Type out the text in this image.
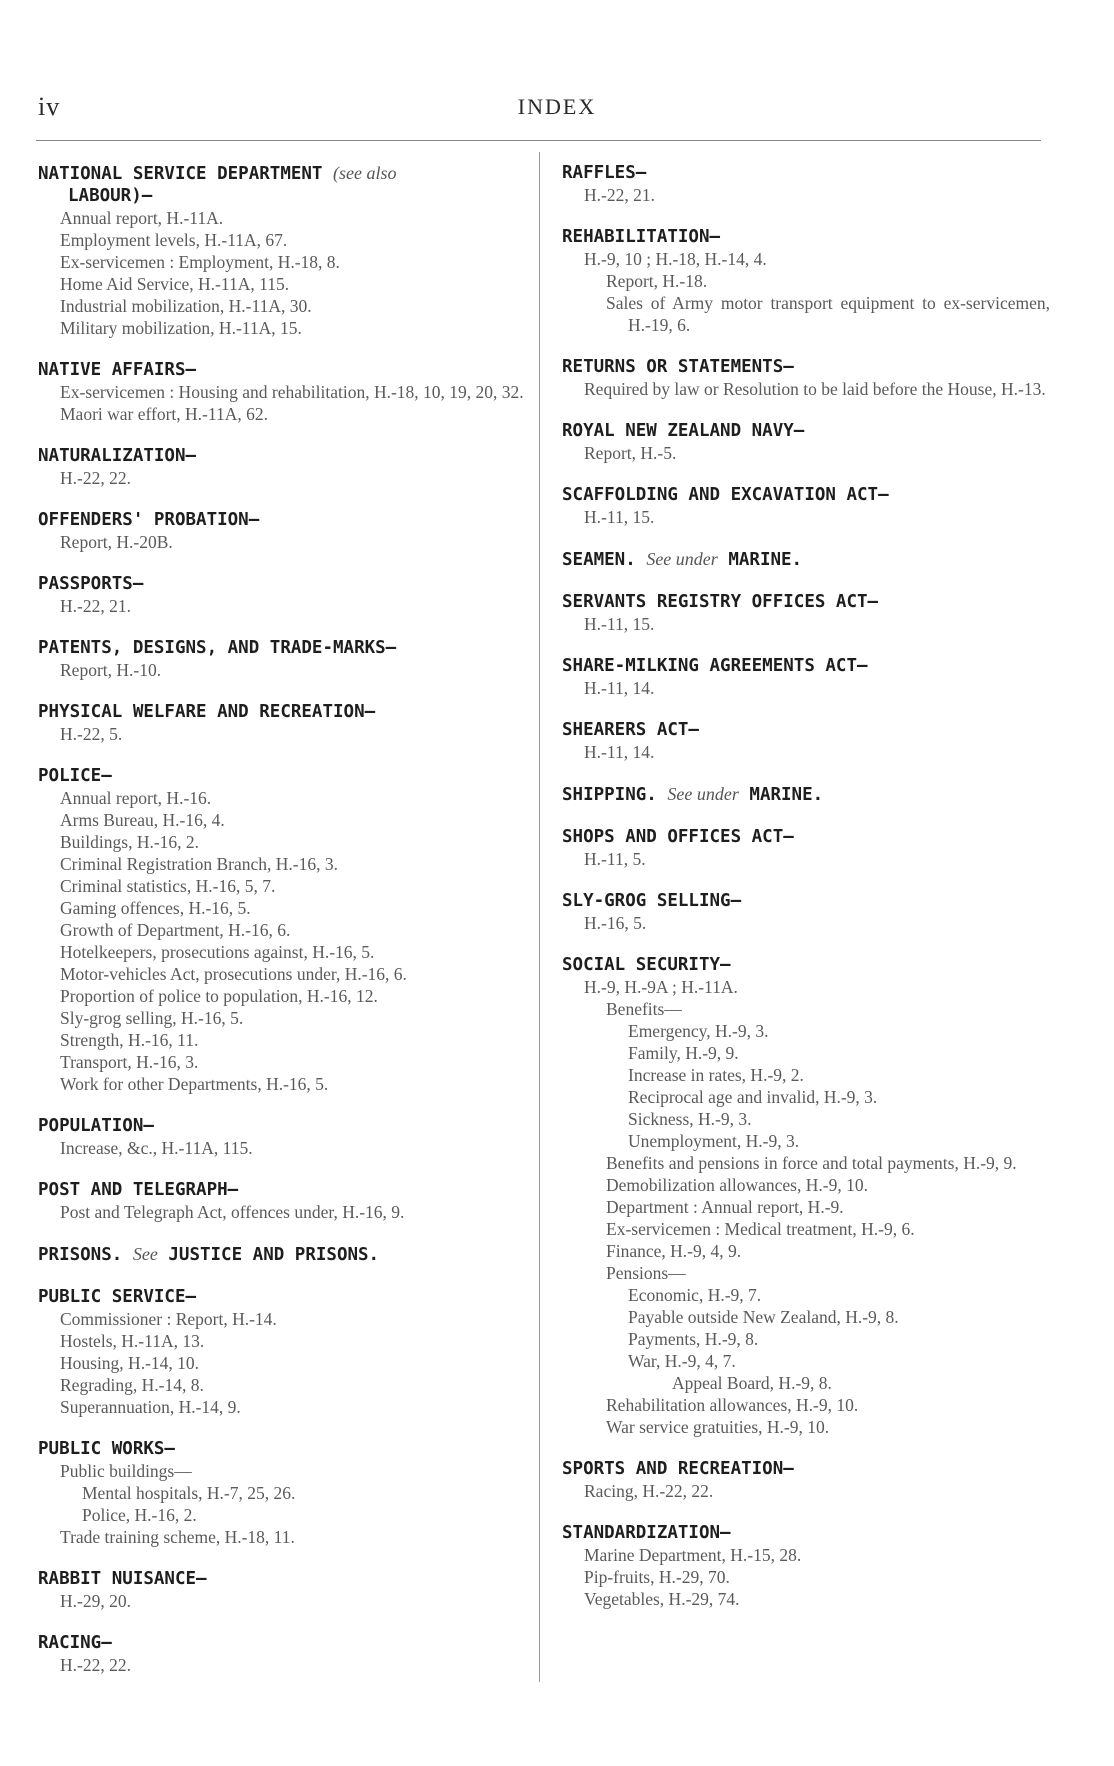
iv	INDEX
NATIONAL SERVICE DEPARTMENT (see also
LABOUR)—
Annual report, H.-11A.
Employment levels, H.-11A, 67.
Ex-servicemen : Employment, H.-18, 8.
Home Aid Service, H.-11A, 115.
Industrial mobilization, H.-11A, 30.
Military mobilization, H.-11A, 15.
NATIVE AFFAIRS—
Ex-servicemen : Housing and rehabilitation, H.-18, 10, 19, 20, 32.
Maori war effort, H.-11A, 62.
NATURALIZATION—
H.-22, 22.
OFFENDERS' PROBATION—
Report, H.-20B.
PASSPORTS—
H.-22, 21.
PATENTS, DESIGNS, AND TRADE-MARKS—
Report, H.-10.
PHYSICAL WELFARE AND RECREATION—
H.-22, 5.
POLICE—
Annual report, H.-16.
Arms Bureau, H.-16, 4.
Buildings, H.-16, 2.
Criminal Registration Branch, H.-16, 3.
Criminal statistics, H.-16, 5, 7.
Gaming offences, H.-16, 5.
Growth of Department, H.-16, 6.
Hotelkeepers, prosecutions against, H.-16, 5.
Motor-vehicles Act, prosecutions under, H.-16, 6.
Proportion of police to population, H.-16, 12.
Sly-grog selling, H.-16, 5.
Strength, H.-16, 11.
Transport, H.-16, 3.
Work for other Departments, H.-16, 5.
POPULATION—
Increase, &c., H.-11A, 115.
POST AND TELEGRAPH—
Post and Telegraph Act, offences under, H.-16, 9.
PRISONS. See JUSTICE AND PRISONS.
PUBLIC SERVICE—
Commissioner : Report, H.-14.
Hostels, H.-11A, 13.
Housing, H.-14, 10.
Regrading, H.-14, 8.
Superannuation, H.-14, 9.
PUBLIC WORKS—
Public buildings—
Mental hospitals, H.-7, 25, 26.
Police, H.-16, 2.
Trade training scheme, H.-18, 11.
RABBIT NUISANCE—
H.-29, 20.
RACING—
H.-22, 22.
RAFFLES—
H.-22, 21.
REHABILITATION—
H.-9, 10 ; H.-18, H.-14, 4.
Report, H.-18.
Sales of Army motor transport equipment to ex-servicemen, H.-19, 6.
RETURNS OR STATEMENTS—
Required by law or Resolution to be laid before the House, H.-13.
ROYAL NEW ZEALAND NAVY—
Report, H.-5.
SCAFFOLDING AND EXCAVATION ACT—
H.-11, 15.
SEAMEN. See under MARINE.
SERVANTS REGISTRY OFFICES ACT—
H.-11, 15.
SHARE-MILKING AGREEMENTS ACT—
H.-11, 14.
SHEARERS ACT—
H.-11, 14.
SHIPPING. See under MARINE.
SHOPS AND OFFICES ACT—
H.-11, 5.
SLY-GROG SELLING—
H.-16, 5.
SOCIAL SECURITY—
H.-9, H.-9A ; H.-11A.
Benefits—
Emergency, H.-9, 3.
Family, H.-9, 9.
Increase in rates, H.-9, 2.
Reciprocal age and invalid, H.-9, 3.
Sickness, H.-9, 3.
Unemployment, H.-9, 3.
Benefits and pensions in force and total payments, H.-9, 9.
Demobilization allowances, H.-9, 10.
Department : Annual report, H.-9.
Ex-servicemen : Medical treatment, H.-9, 6.
Finance, H.-9, 4, 9.
Pensions—
Economic, H.-9, 7.
Payable outside New Zealand, H.-9, 8.
Payments, H.-9, 8.
War, H.-9, 4, 7.
Appeal Board, H.-9, 8.
Rehabilitation allowances, H.-9, 10.
War service gratuities, H.-9, 10.
SPORTS AND RECREATION—
Racing, H.-22, 22.
STANDARDIZATION—
Marine Department, H.-15, 28.
Pip-fruits, H.-29, 70.
Vegetables, H.-29, 74.
